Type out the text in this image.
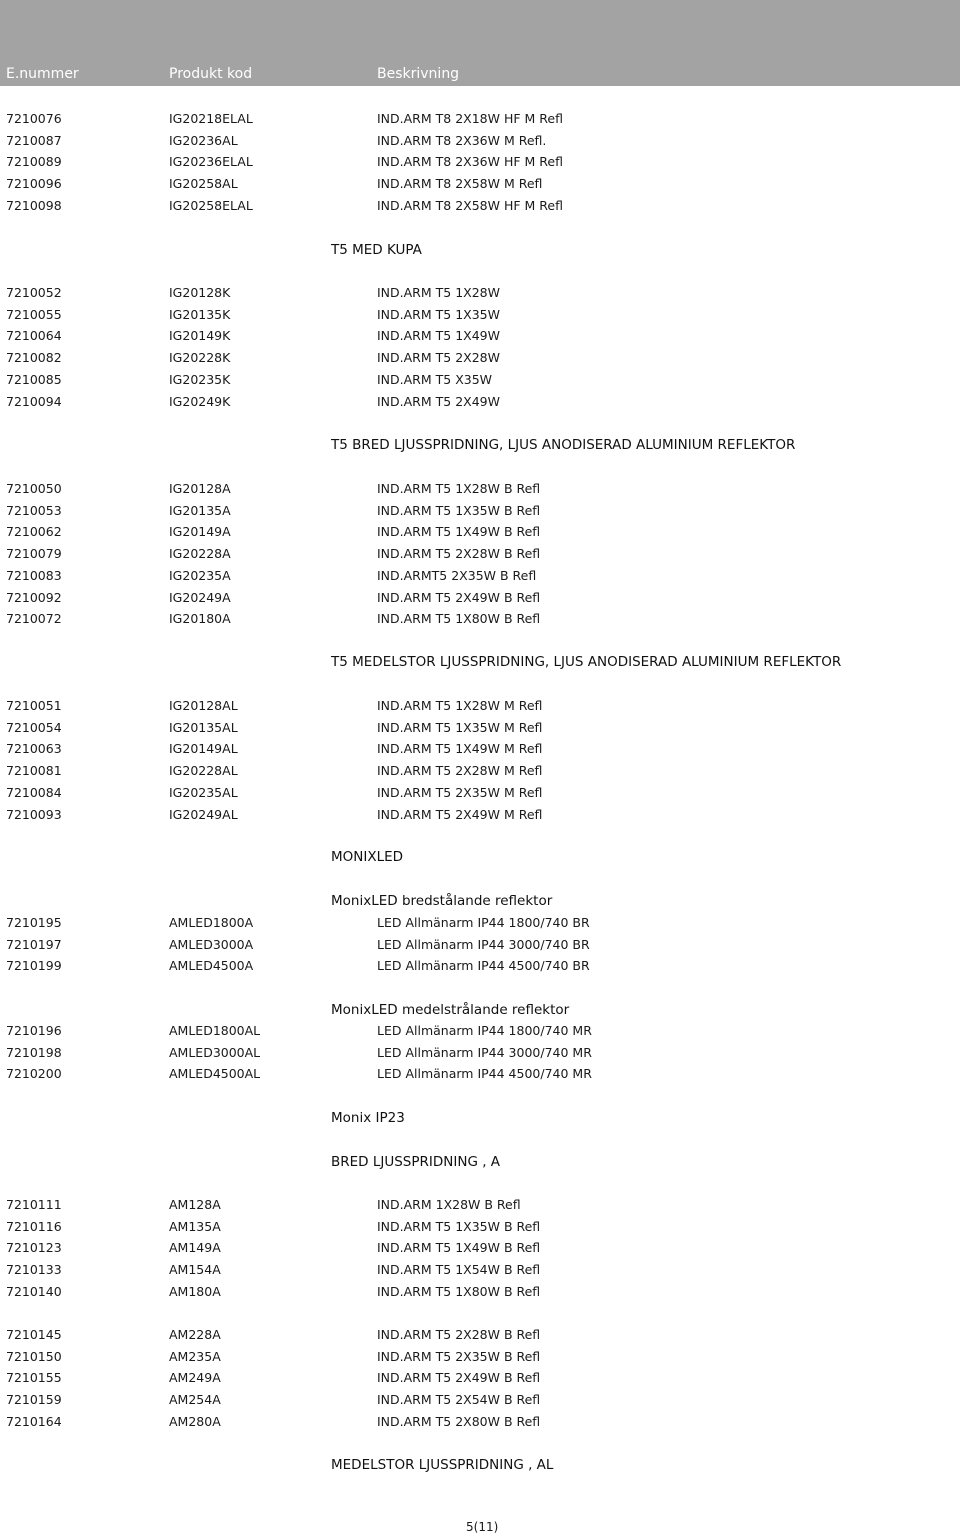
E.nummer	Produkt kod	Beskrivning
7210076	IG20218ELAL	IND.ARM T8 2X18W HF M Refl
7210087	IG20236AL	IND.ARM T8 2X36W M Refl.
7210089	IG20236ELAL	IND.ARM T8 2X36W HF M Refl
7210096	IG20258AL	IND.ARM T8 2X58W M Refl
7210098	IG20258ELAL	IND.ARM T8 2X58W HF M Refl
T5 MED KUPA
7210052	IG20128K	IND.ARM T5 1X28W
7210055	IG20135K	IND.ARM T5 1X35W
7210064	IG20149K	IND.ARM T5 1X49W
7210082	IG20228K	IND.ARM T5 2X28W
7210085	IG20235K	IND.ARM T5 X35W
7210094	IG20249K	IND.ARM T5 2X49W
T5 BRED LJUSSPRIDNING, LJUS ANODISERAD ALUMINIUM REFLEKTOR
7210050	IG20128A	IND.ARM T5 1X28W B Refl
7210053	IG20135A	IND.ARM T5 1X35W B Refl
7210062	IG20149A	IND.ARM T5 1X49W B Refl
7210079	IG20228A	IND.ARM T5 2X28W B Refl
7210083	IG20235A	IND.ARMT5 2X35W B Refl
7210092	IG20249A	IND.ARM T5 2X49W B Refl
7210072	IG20180A	IND.ARM T5 1X80W B Refl
T5 MEDELSTOR LJUSSPRIDNING, LJUS ANODISERAD ALUMINIUM REFLEKTOR
7210051	IG20128AL	IND.ARM T5 1X28W M Refl
7210054	IG20135AL	IND.ARM T5 1X35W M Refl
7210063	IG20149AL	IND.ARM T5 1X49W M Refl
7210081	IG20228AL	IND.ARM T5 2X28W M Refl
7210084	IG20235AL	IND.ARM T5 2X35W M Refl
7210093	IG20249AL	IND.ARM T5 2X49W M Refl
MONIXLED
MonixLED bredstålande reflektor
7210195	AMLED1800A	LED Allmänarm IP44 1800/740 BR
7210197	AMLED3000A	LED Allmänarm IP44 3000/740 BR
7210199	AMLED4500A	LED Allmänarm IP44 4500/740 BR
MonixLED medelstrålande reflektor
7210196	AMLED1800AL	LED Allmänarm IP44 1800/740 MR
7210198	AMLED3000AL	LED Allmänarm IP44 3000/740 MR
7210200	AMLED4500AL	LED Allmänarm IP44 4500/740 MR
Monix IP23
BRED LJUSSPRIDNING , A
7210111	AM128A	IND.ARM 1X28W B Refl
7210116	AM135A	IND.ARM T5 1X35W B Refl
7210123	AM149A	IND.ARM T5 1X49W B Refl
7210133	AM154A	IND.ARM T5 1X54W B Refl
7210140	AM180A	IND.ARM T5 1X80W B Refl
7210145	AM228A	IND.ARM T5 2X28W B Refl
7210150	AM235A	IND.ARM T5 2X35W B Refl
7210155	AM249A	IND.ARM T5 2X49W B Refl
7210159	AM254A	IND.ARM T5 2X54W B Refl
7210164	AM280A	IND.ARM T5 2X80W B Refl
MEDELSTOR LJUSSPRIDNING , AL
5(11)
